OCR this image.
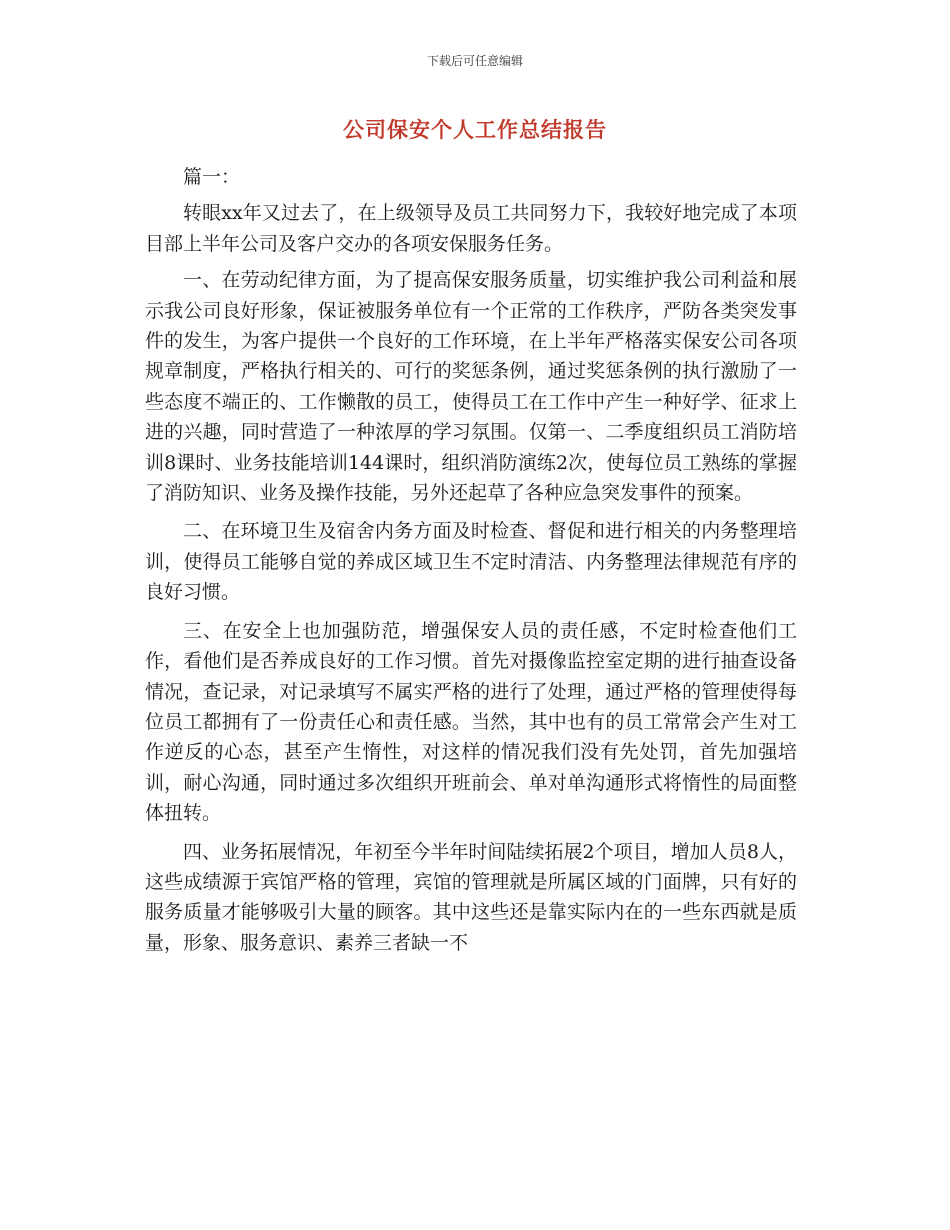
下载后可任意编辑
公司保安个人工作总结报告

篇一：

转眼xx年又过去了，在上级领导及员工共同努力下，我较好地完成了本项目部上半年公司及客户交办的各项安保服务任务。

一、在劳动纪律方面，为了提高保安服务质量，切实维护我公司利益和展示我公司良好形象，保证被服务单位有一个正常的工作秩序，严防各类突发事件的发生，为客户提供一个良好的工作环境，在上半年严格落实保安公司各项规章制度，严格执行相关的、可行的奖惩条例，通过奖惩条例的执行激励了一些态度不端正的、工作懒散的员工，使得员工在工作中产生一种好学、征求上进的兴趣，同时营造了一种浓厚的学习氛围。仅第一、二季度组织员工消防培训8课时、业务技能培训144课时，组织消防演练2次，使每位员工熟练的掌握了消防知识、业务及操作技能，另外还起草了各种应急突发事件的预案。

二、在环境卫生及宿舍内务方面及时检查、督促和进行相关的内务整理培训，使得员工能够自觉的养成区域卫生不定时清洁、内务整理法律规范有序的良好习惯。

三、在安全上也加强防范，增强保安人员的责任感，不定时检查他们工作，看他们是否养成良好的工作习惯。首先对摄像监控室定期的进行抽查设备情况，查记录，对记录填写不属实严格的进行了处理，通过严格的管理使得每位员工都拥有了一份责任心和责任感。当然，其中也有的员工常常会产生对工作逆反的心态，甚至产生惰性，对这样的情况我们没有先处罚，首先加强培训，耐心沟通，同时通过多次组织开班前会、单对单沟通形式将惰性的局面整体扭转。

四、业务拓展情况，年初至今半年时间陆续拓展2个项目，增加人员8人，这些成绩源于宾馆严格的管理，宾馆的管理就是所属区域的门面牌，只有好的服务质量才能够吸引大量的顾客。其中这些还是靠实际内在的一些东西就是质量，形象、服务意识、素养三者缺一不
